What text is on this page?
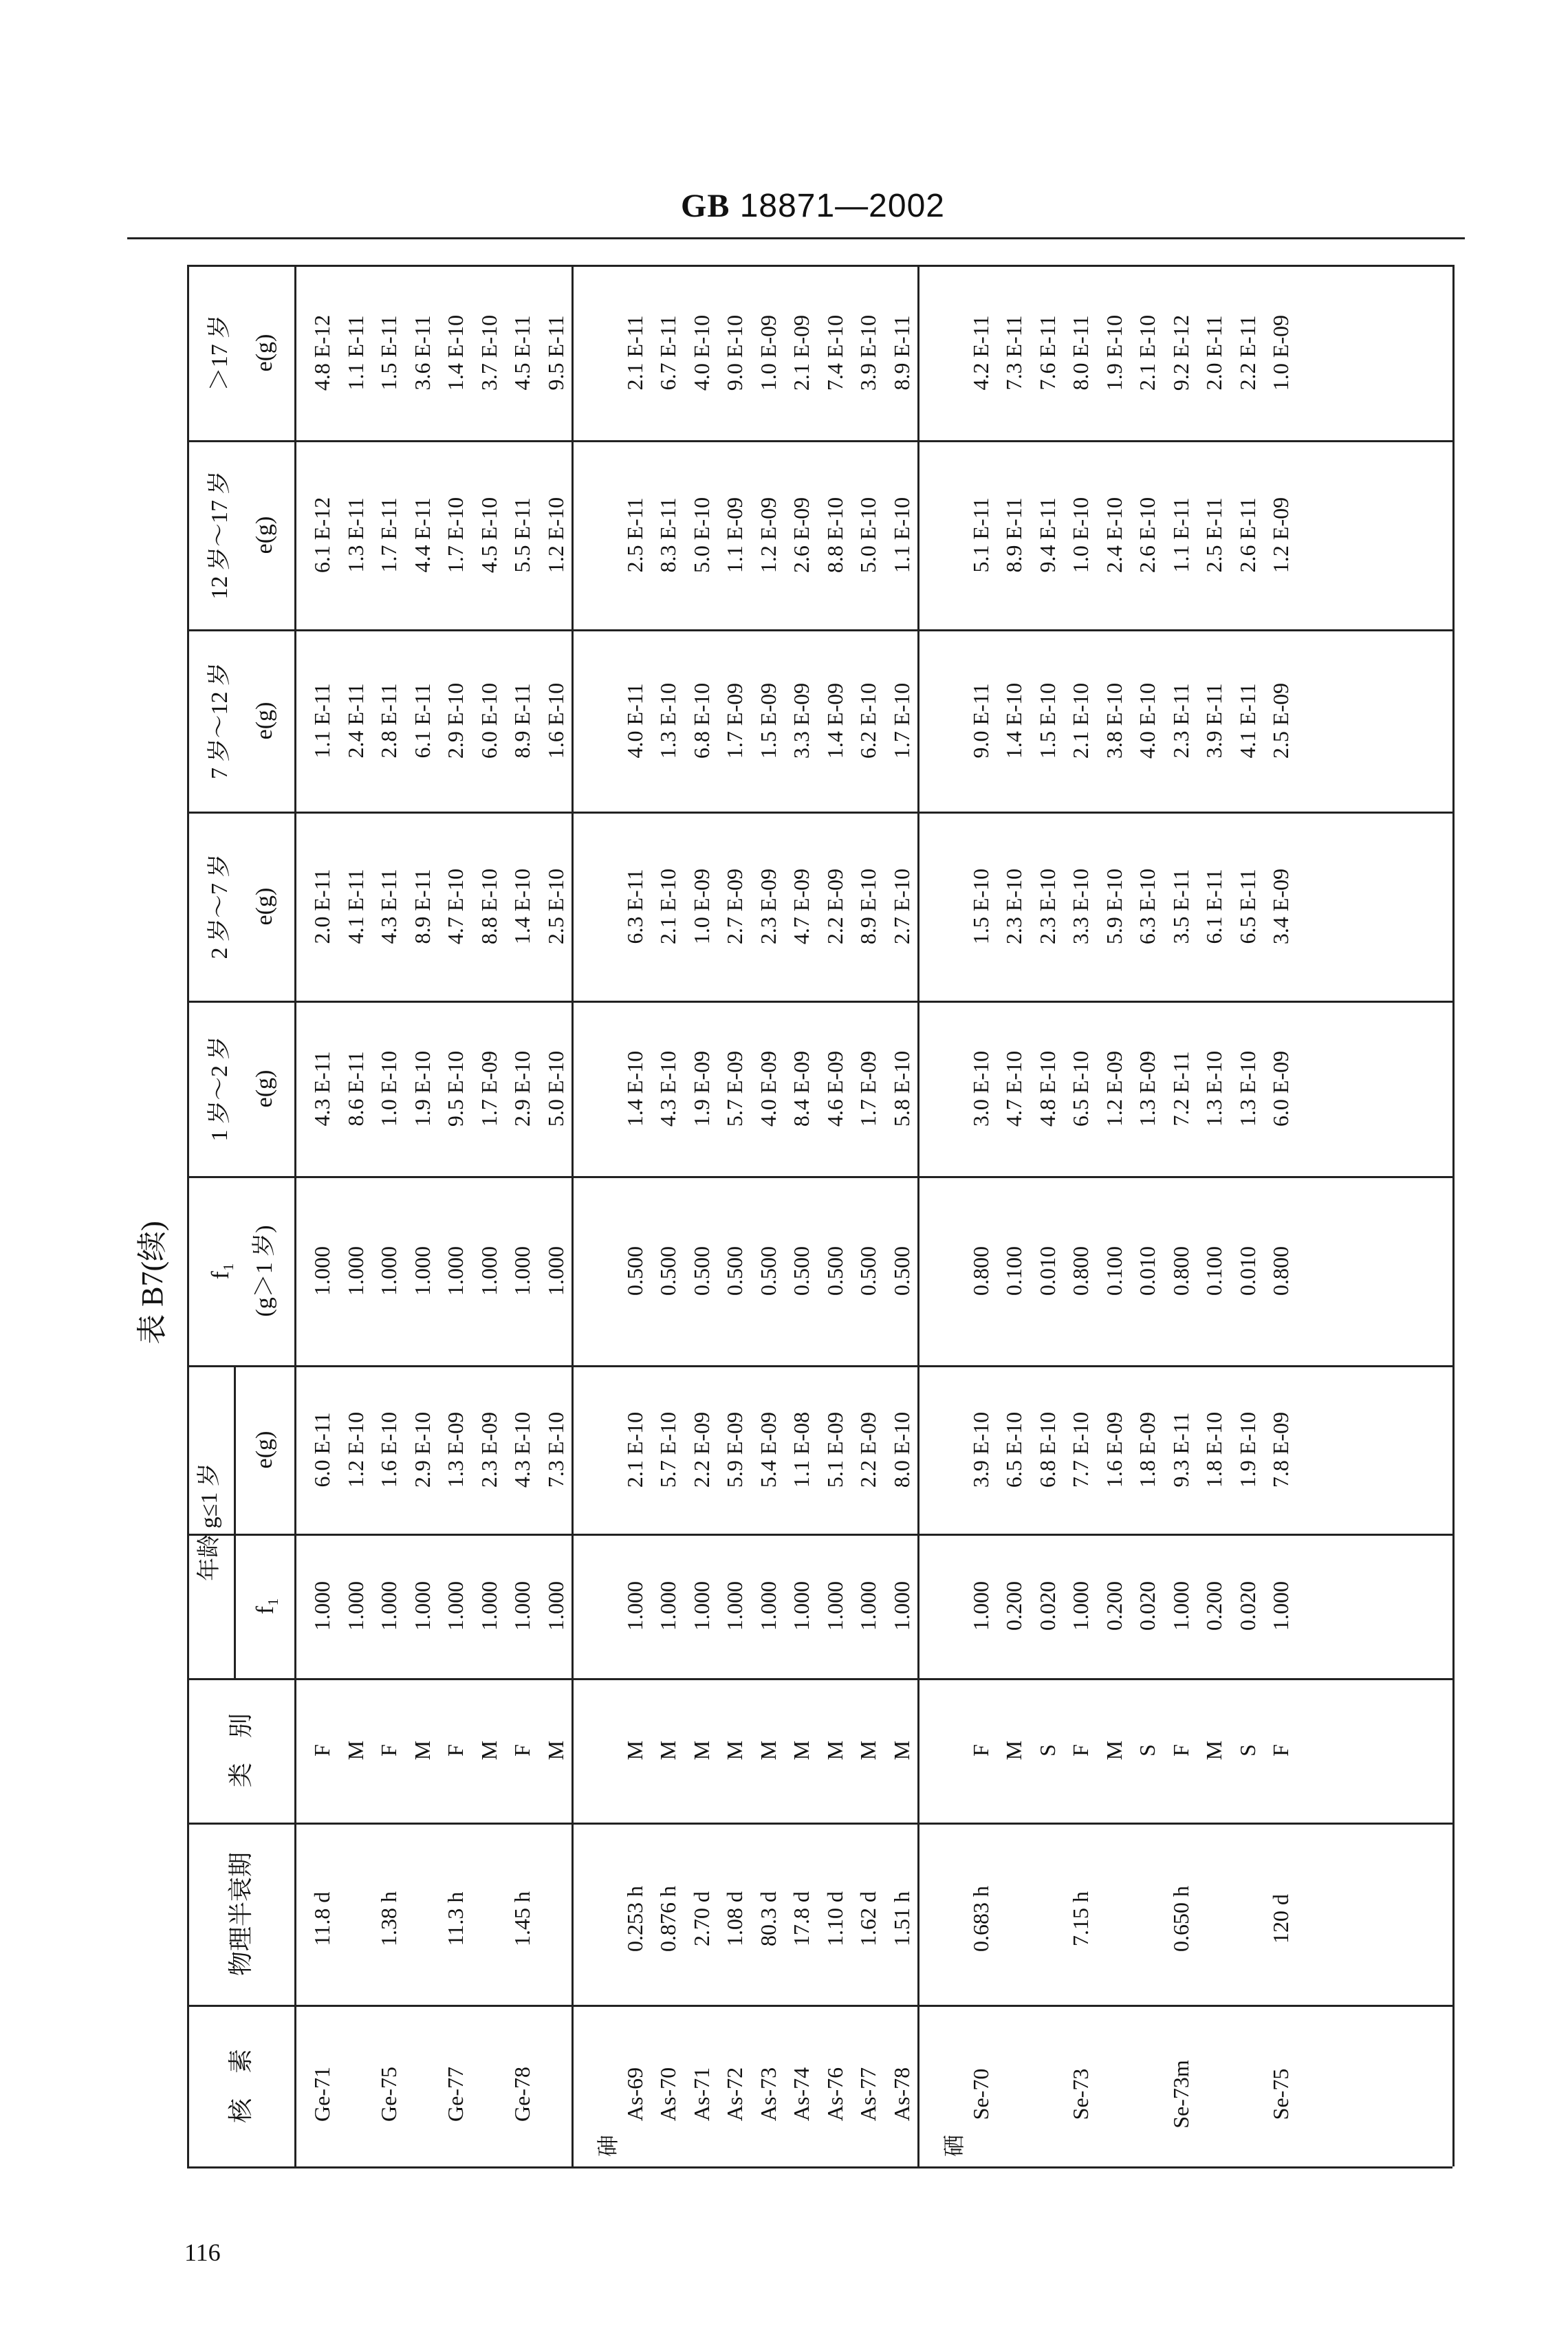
GB 18871—2002
＞17 岁 e(g)
12 岁～17 岁 e(g)
7 岁～12 岁 e(g)
2 岁～7 岁 e(g)
1 岁～2 岁 e(g)
f₁ (g＞1 岁)
年龄 g≤1 岁
e(g)
f₁
类　别
物理半衰期
核　素
表 B7(续)
4.8 E-12
6.1 E-12
1.1 E-11
2.0 E-11
4.3 E-11
1.000
6.0 E-11
1.000
F
11.8 d
Ge-71
1.1 E-11
1.3 E-11
2.4 E-11
4.1 E-11
8.6 E-11
1.000
1.2 E-10
1.000
M
1.5 E-11
1.7 E-11
2.8 E-11
4.3 E-11
1.0 E-10
1.000
1.6 E-10
1.000
F
1.38 h
Ge-75
3.6 E-11
4.4 E-11
6.1 E-11
8.9 E-11
1.9 E-10
1.000
2.9 E-10
1.000
M
1.4 E-10
1.7 E-10
2.9 E-10
4.7 E-10
9.5 E-10
1.000
1.3 E-09
1.000
F
11.3 h
Ge-77
3.7 E-10
4.5 E-10
6.0 E-10
8.8 E-10
1.7 E-09
1.000
2.3 E-09
1.000
M
4.5 E-11
5.5 E-11
8.9 E-11
1.4 E-10
2.9 E-10
1.000
4.3 E-10
1.000
F
1.45 h
Ge-78
9.5 E-11
1.2 E-10
1.6 E-10
2.5 E-10
5.0 E-10
1.000
7.3 E-10
1.000
M
砷
2.1 E-11
2.5 E-11
4.0 E-11
6.3 E-11
1.4 E-10
0.500
2.1 E-10
1.000
M
0.253 h
As-69
6.7 E-11
8.3 E-11
1.3 E-10
2.1 E-10
4.3 E-10
0.500
5.7 E-10
1.000
M
0.876 h
As-70
4.0 E-10
5.0 E-10
6.8 E-10
1.0 E-09
1.9 E-09
0.500
2.2 E-09
1.000
M
2.70 d
As-71
9.0 E-10
1.1 E-09
1.7 E-09
2.7 E-09
5.7 E-09
0.500
5.9 E-09
1.000
M
1.08 d
As-72
1.0 E-09
1.2 E-09
1.5 E-09
2.3 E-09
4.0 E-09
0.500
5.4 E-09
1.000
M
80.3 d
As-73
2.1 E-09
2.6 E-09
3.3 E-09
4.7 E-09
8.4 E-09
0.500
1.1 E-08
1.000
M
17.8 d
As-74
7.4 E-10
8.8 E-10
1.4 E-09
2.2 E-09
4.6 E-09
0.500
5.1 E-09
1.000
M
1.10 d
As-76
3.9 E-10
5.0 E-10
6.2 E-10
8.9 E-10
1.7 E-09
0.500
2.2 E-09
1.000
M
1.62 d
As-77
8.9 E-11
1.1 E-10
1.7 E-10
2.7 E-10
5.8 E-10
0.500
8.0 E-10
1.000
M
1.51 h
As-78
硒
4.2 E-11
5.1 E-11
9.0 E-11
1.5 E-10
3.0 E-10
0.800
3.9 E-10
1.000
F
0.683 h
Se-70
7.3 E-11
8.9 E-11
1.4 E-10
2.3 E-10
4.7 E-10
0.100
6.5 E-10
0.200
M
7.6 E-11
9.4 E-11
1.5 E-10
2.3 E-10
4.8 E-10
0.010
6.8 E-10
0.020
S
8.0 E-11
1.0 E-10
2.1 E-10
3.3 E-10
6.5 E-10
0.800
7.7 E-10
1.000
F
7.15 h
Se-73
1.9 E-10
2.4 E-10
3.8 E-10
5.9 E-10
1.2 E-09
0.100
1.6 E-09
0.200
M
2.1 E-10
2.6 E-10
4.0 E-10
6.3 E-10
1.3 E-09
0.010
1.8 E-09
0.020
S
9.2 E-12
1.1 E-11
2.3 E-11
3.5 E-11
7.2 E-11
0.800
9.3 E-11
1.000
F
0.650 h
Se-73m
2.0 E-11
2.5 E-11
3.9 E-11
6.1 E-11
1.3 E-10
0.100
1.8 E-10
0.200
M
2.2 E-11
2.6 E-11
4.1 E-11
6.5 E-11
1.3 E-10
0.010
1.9 E-10
0.020
S
1.0 E-09
1.2 E-09
2.5 E-09
3.4 E-09
6.0 E-09
0.800
7.8 E-09
1.000
F
120 d
Se-75
116
